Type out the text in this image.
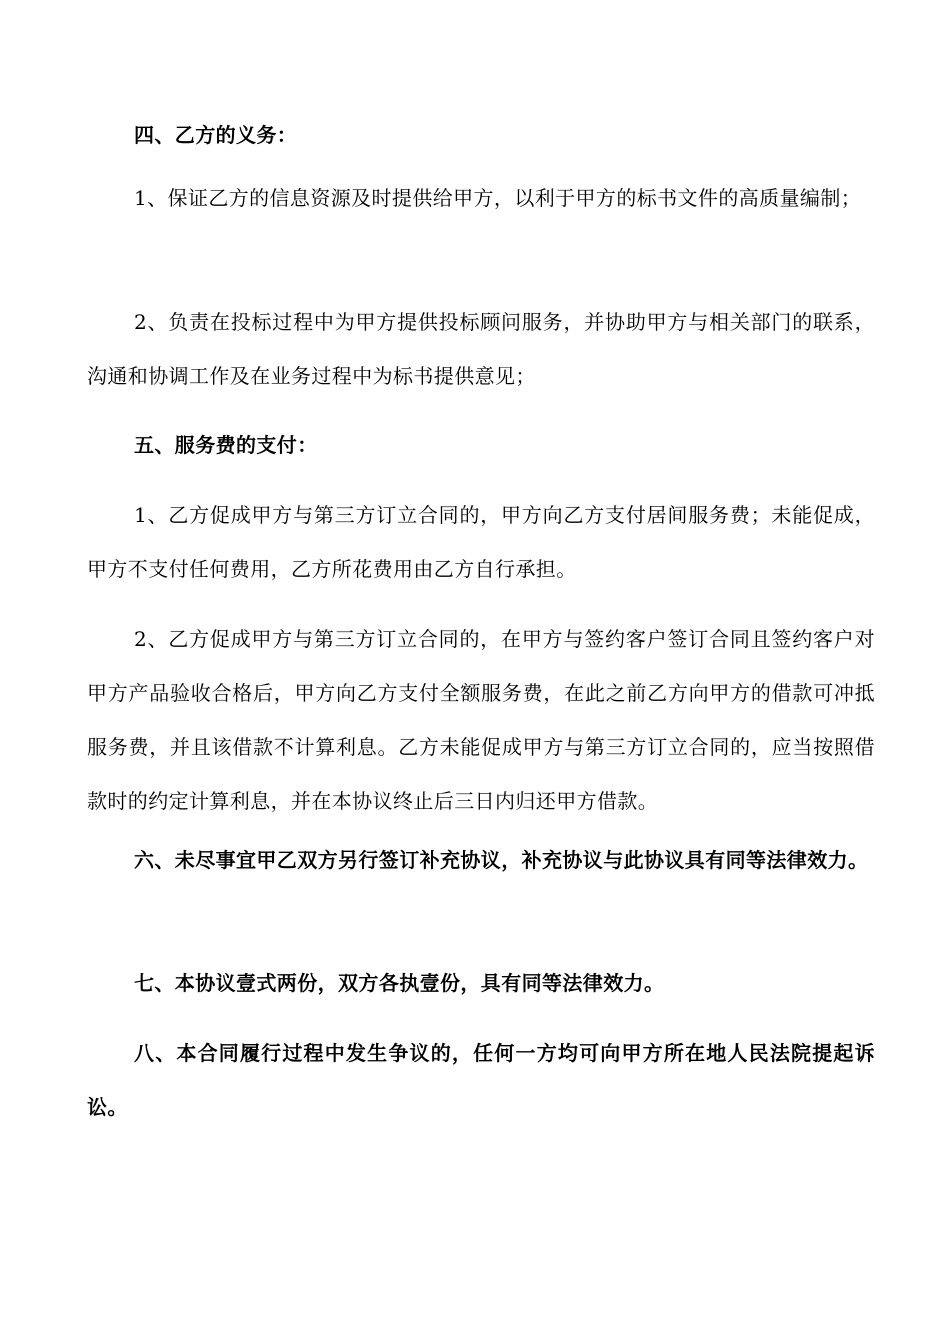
四、乙方的义务：

1、保证乙方的信息资源及时提供给甲方，以利于甲方的标书文件的高质量编制；

2、负责在投标过程中为甲方提供投标顾问服务，并协助甲方与相关部门的联系，沟通和协调工作及在业务过程中为标书提供意见；

五、服务费的支付：

1、乙方促成甲方与第三方订立合同的，甲方向乙方支付居间服务费；未能促成，甲方不支付任何费用，乙方所花费用由乙方自行承担。

2、乙方促成甲方与第三方订立合同的，在甲方与签约客户签订合同且签约客户对甲方产品验收合格后，甲方向乙方支付全额服务费，在此之前乙方向甲方的借款可冲抵服务费，并且该借款不计算利息。乙方未能促成甲方与第三方订立合同的，应当按照借款时的约定计算利息，并在本协议终止后三日内归还甲方借款。

六、未尽事宜甲乙双方另行签订补充协议，补充协议与此协议具有同等法律效力。

七、本协议壹式两份，双方各执壹份，具有同等法律效力。

八、本合同履行过程中发生争议的，任何一方均可向甲方所在地人民法院提起诉讼。
